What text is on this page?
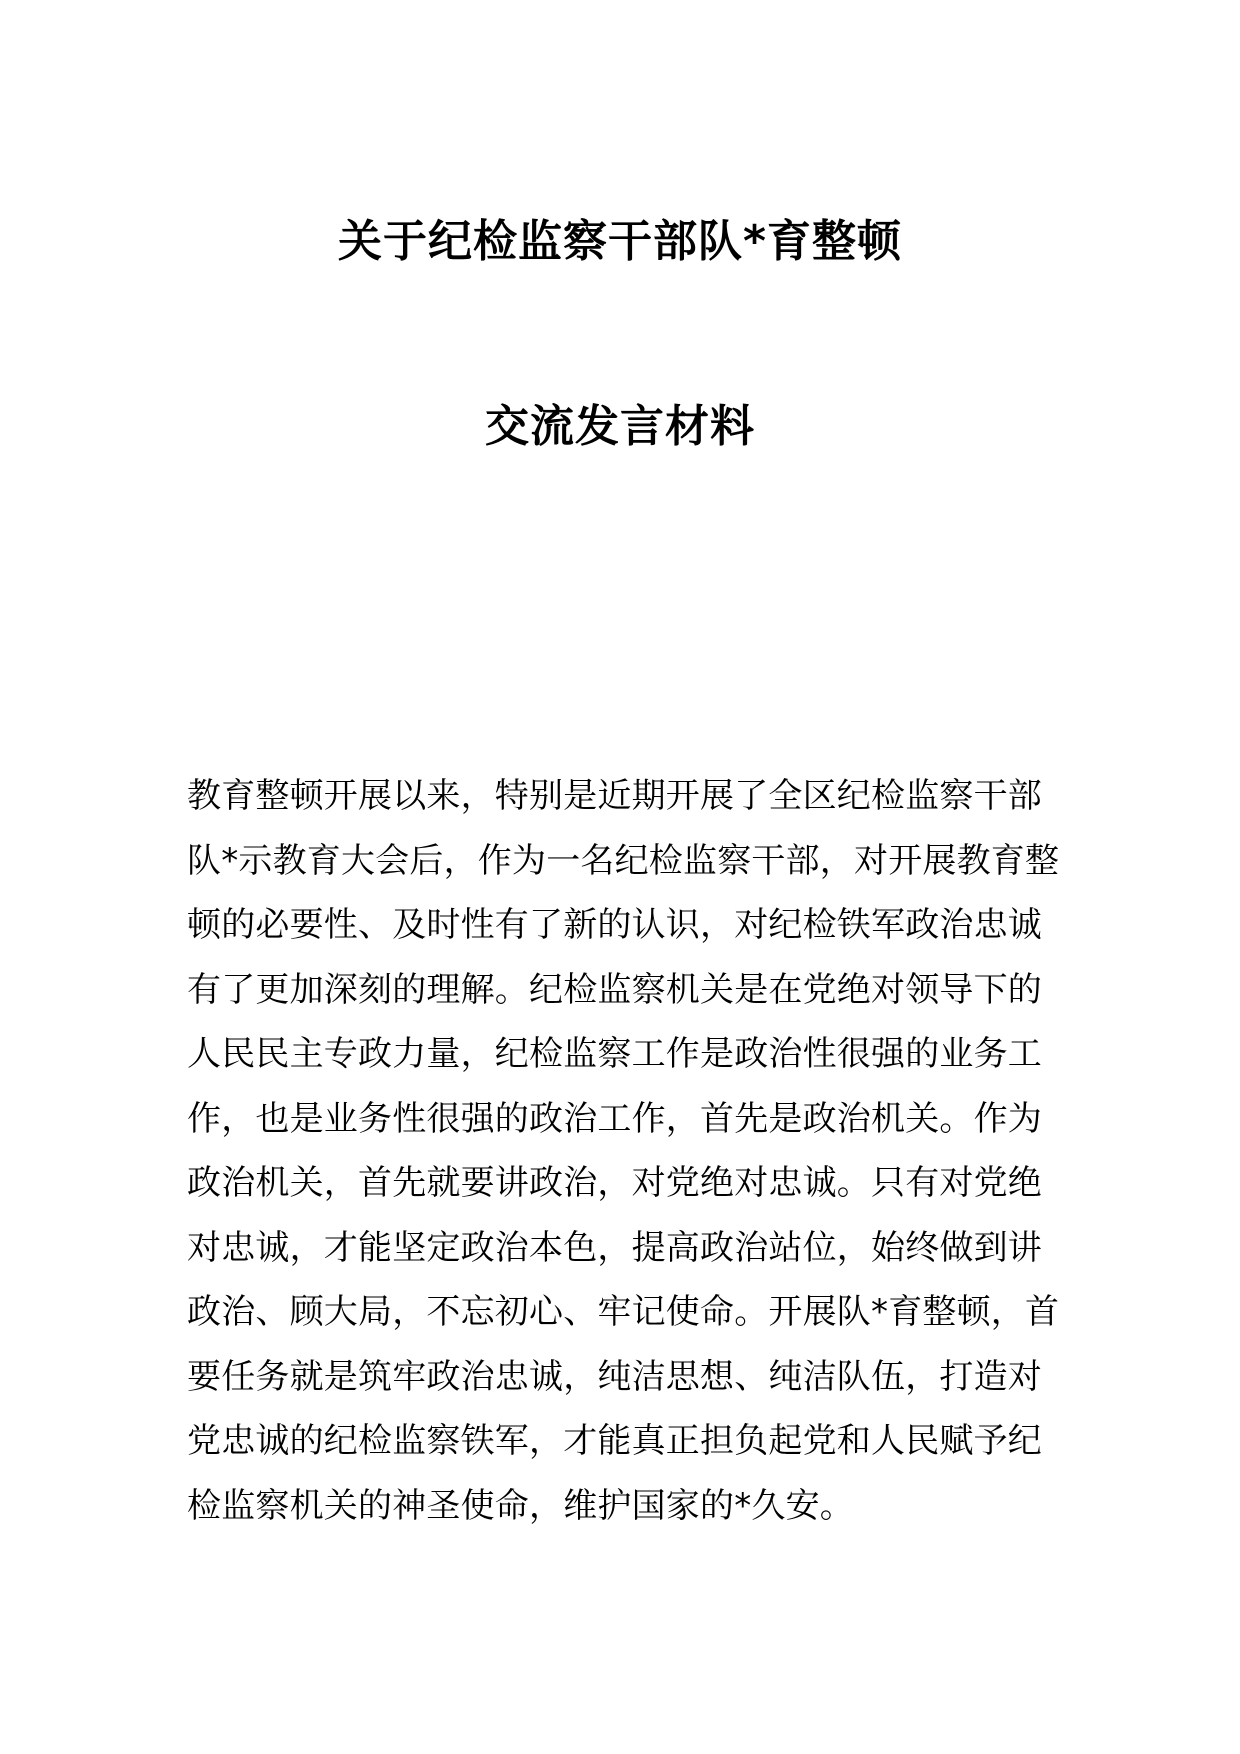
关于纪检监察干部队*育整顿
交流发言材料
教育整顿开展以来，特别是近期开展了全区纪检监察干部
队*示教育大会后，作为一名纪检监察干部，对开展教育整
顿的必要性、及时性有了新的认识，对纪检铁军政治忠诚
有了更加深刻的理解。纪检监察机关是在党绝对领导下的
人民民主专政力量，纪检监察工作是政治性很强的业务工
作，也是业务性很强的政治工作，首先是政治机关。作为
政治机关，首先就要讲政治，对党绝对忠诚。只有对党绝
对忠诚，才能坚定政治本色，提高政治站位，始终做到讲
政治、顾大局，不忘初心、牢记使命。开展队*育整顿，首
要任务就是筑牢政治忠诚，纯洁思想、纯洁队伍，打造对
党忠诚的纪检监察铁军，才能真正担负起党和人民赋予纪
检监察机关的神圣使命，维护国家的*久安。
